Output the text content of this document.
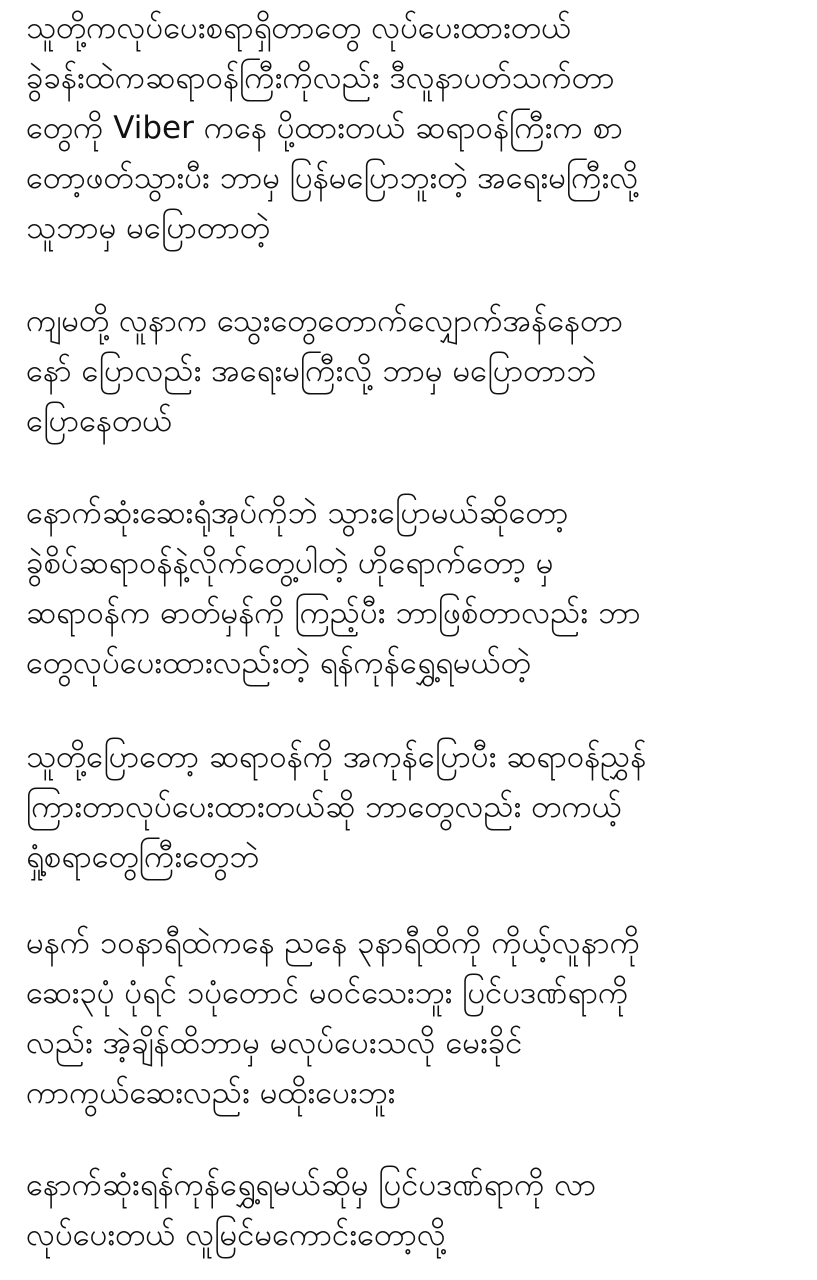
သူတို့ကလုပ်ပေးစရာရှိတာတွေ လုပ်ပေးထားတယ်
ခွဲခန်းထဲကဆရာဝန်ကြီးကိုလည်း ဒီလူနာပတ်သက်တာ
တွေကို Viber ကနေ ပို့ထားတယ် ဆရာဝန်ကြီးက စာ
တော့ဖတ်သွားပီး ဘာမှ ပြန်မပြောဘူးတဲ့ အရေးမကြီးလို့
သူဘာမှ မပြောတာတဲ့
ကျမတို့ လူနာက သွေးတွေတောက်လျှောက်အန်နေတာ
နော် ပြောလည်း အရေးမကြီးလို့ ဘာမှ မပြောတာဘဲ
ပြောနေတယ်
နောက်ဆုံးဆေးရုံအုပ်ကိုဘဲ သွားပြောမယ်ဆိုတော့
ခွဲစိပ်ဆရာဝန်နဲ့လိုက်တွေ့ပါတဲ့ ဟိုရောက်တော့ မှ
ဆရာဝန်က ဓာတ်မှန်ကို ကြည့်ပီး ဘာဖြစ်တာလည်း ဘာ
တွေလုပ်ပေးထားလည်းတဲ့ ရန်ကုန်ရွှေ့ရမယ်တဲ့
သူတို့ပြောတော့ ဆရာဝန်ကို အကုန်ပြောပီး ဆရာဝန်ညွှန်
ကြားတာလုပ်ပေးထားတယ်ဆို ဘာတွေလည်း တကယ့်
ရှုံ့စရာတွေကြီးတွေဘဲ
မနက် ၁၀နာရီထဲကနေ ညနေ ၃နာရီထိကို ကိုယ့်လူနာကို
ဆေး၃ပုံ ပုံရင် ၁ပုံတောင် မဝင်သေးဘူး ပြင်ပဒဏ်ရာကို
လည်း အဲ့ချိန်ထိဘာမှ မလုပ်ပေးသလို မေးခိုင်
ကာကွယ်ဆေးလည်း မထိုးပေးဘူး
နောက်ဆုံးရန်ကုန်ရွှေ့ရမယ်ဆိုမှ ပြင်ပဒဏ်ရာကို လာ
လုပ်ပေးတယ် လူမြင်မကောင်းတော့လို့
